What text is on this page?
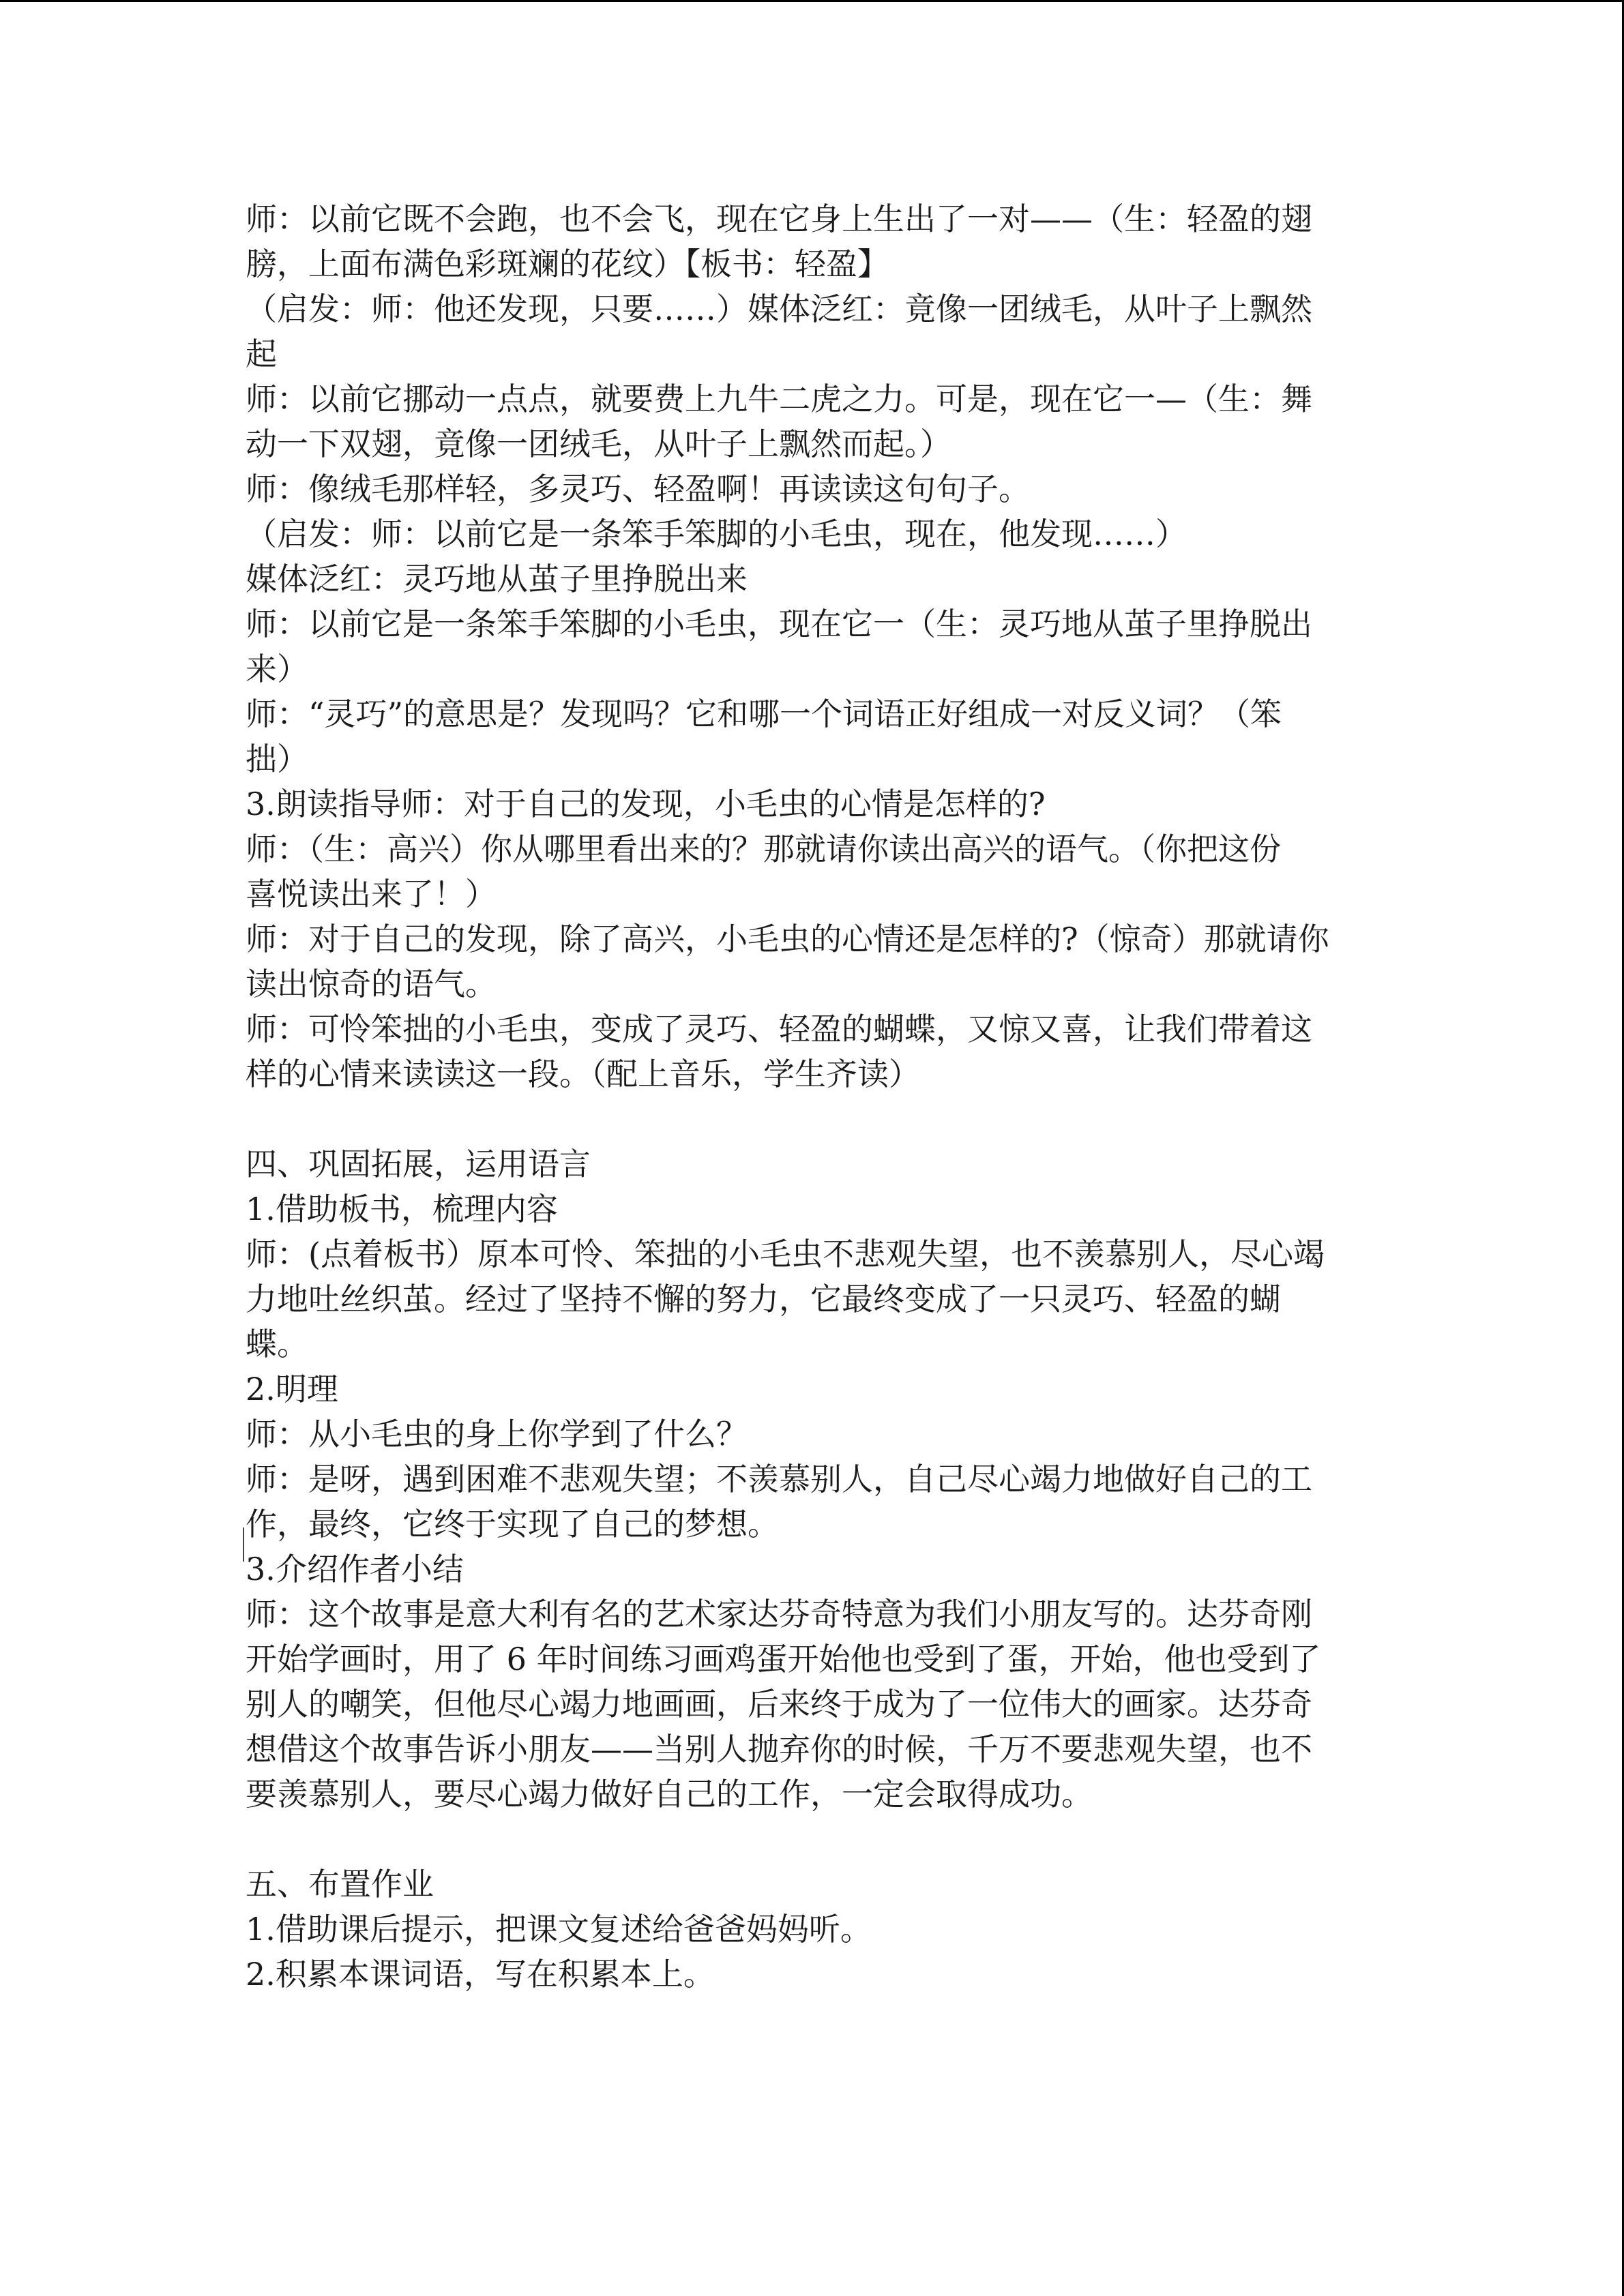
师：以前它既不会跑，也不会飞，现在它身上生出了一对——（生：轻盈的翅
膀，上面布满色彩斑斓的花纹）【板书：轻盈】
（启发：师：他还发现，只要……）媒体泛红：竟像一团绒毛，从叶子上飘然
起
师：以前它挪动一点点，就要费上九牛二虎之力。可是，现在它一—（生：舞
动一下双翅，竟像一团绒毛，从叶子上飘然而起。）
师：像绒毛那样轻，多灵巧、轻盈啊！再读读这句句子。
（启发：师：以前它是一条笨手笨脚的小毛虫，现在，他发现……）
媒体泛红：灵巧地从茧子里挣脱出来
师：以前它是一条笨手笨脚的小毛虫，现在它一（生：灵巧地从茧子里挣脱出
来）
师：“灵巧”的意思是？发现吗？它和哪一个词语正好组成一对反义词？（笨
拙）
3.朗读指导师：对于自己的发现，小毛虫的心情是怎样的?
师：（生：高兴）你从哪里看出来的？那就请你读出高兴的语气。（你把这份
喜悦读出来了！）
师：对于自己的发现，除了高兴，小毛虫的心情还是怎样的?（惊奇）那就请你
读出惊奇的语气。
师：可怜笨拙的小毛虫，变成了灵巧、轻盈的蝴蝶，又惊又喜，让我们带着这
样的心情来读读这一段。（配上音乐，学生齐读）
四、巩固拓展，运用语言
1.借助板书，梳理内容
师：(点着板书）原本可怜、笨拙的小毛虫不悲观失望，也不羡慕别人，尽心竭
力地吐丝织茧。经过了坚持不懈的努力，它最终变成了一只灵巧、轻盈的蝴
蝶。
2.明理
师：从小毛虫的身上你学到了什么？
师：是呀，遇到困难不悲观失望；不羡慕别人，自己尽心竭力地做好自己的工
作，最终，它终于实现了自己的梦想。
3.介绍作者小结
师：这个故事是意大利有名的艺术家达芬奇特意为我们小朋友写的。达芬奇刚
开始学画时，用了 6 年时间练习画鸡蛋开始他也受到了蛋，开始，他也受到了
别人的嘲笑，但他尽心竭力地画画，后来终于成为了一位伟大的画家。达芬奇
想借这个故事告诉小朋友——当别人抛弃你的时候，千万不要悲观失望，也不
要羡慕别人，要尽心竭力做好自己的工作，一定会取得成功。
五、布置作业
1.借助课后提示，把课文复述给爸爸妈妈听。
2.积累本课词语，写在积累本上。
